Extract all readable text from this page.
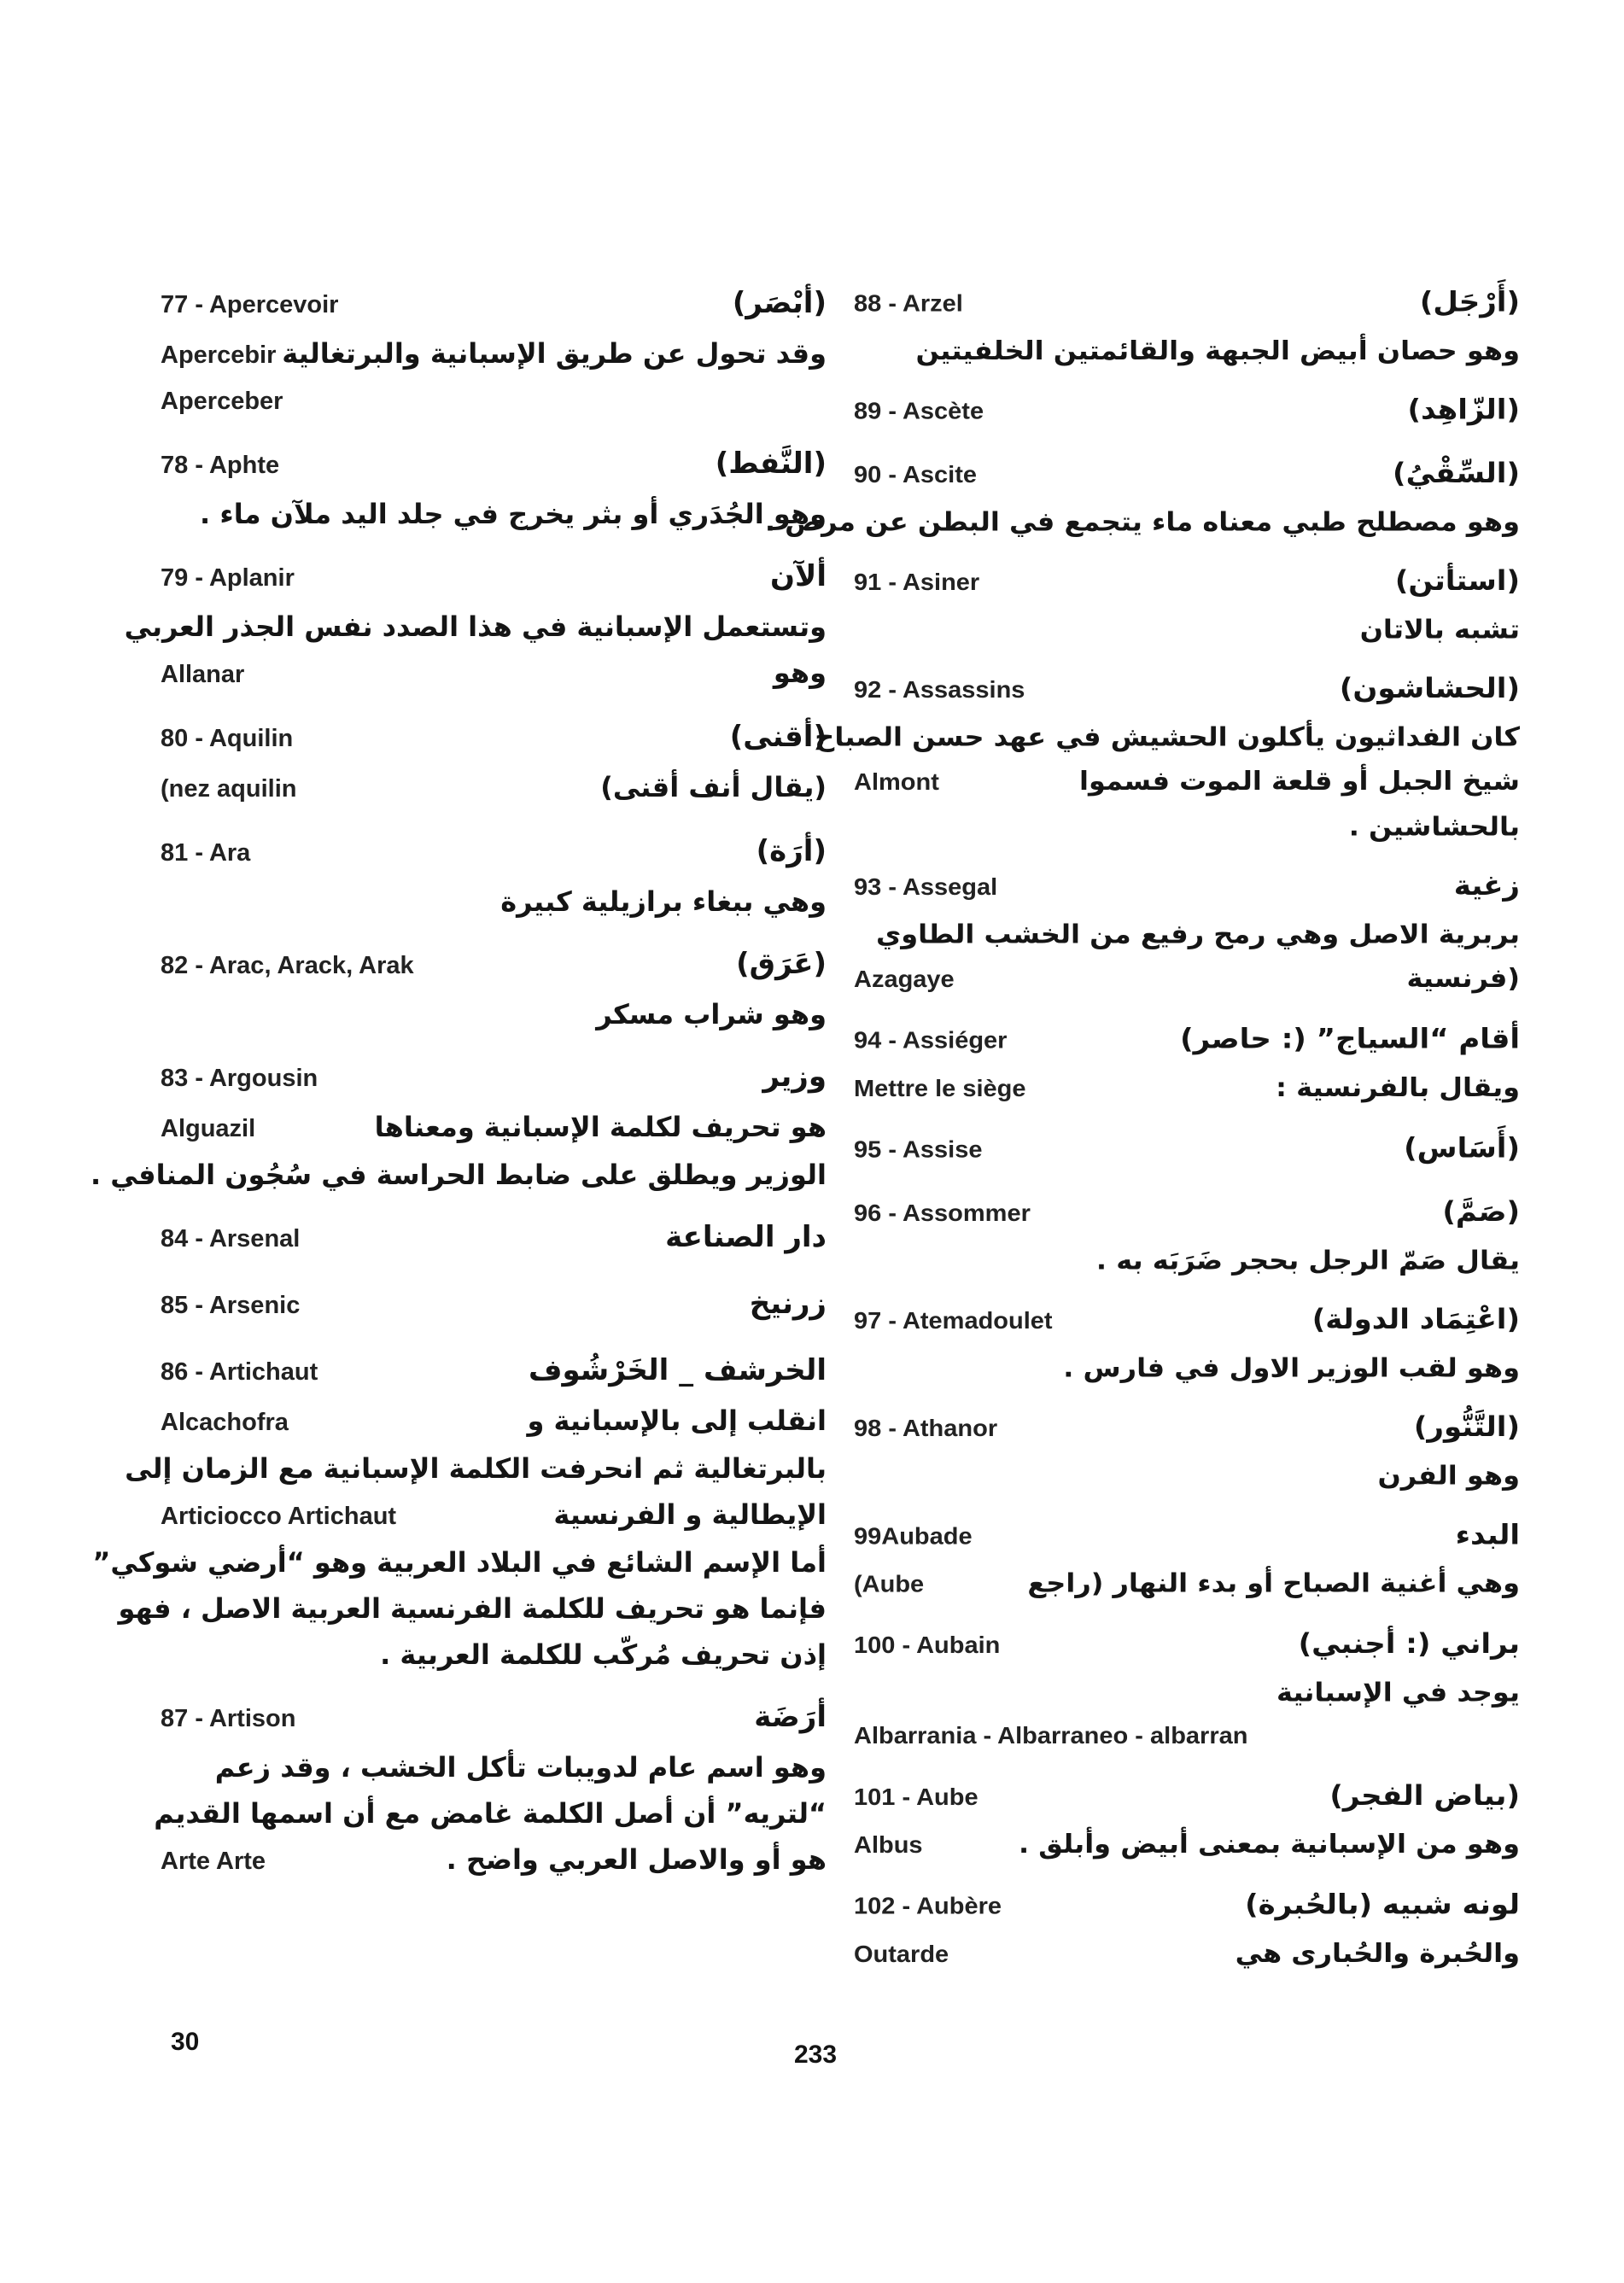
88 - Arzel	(أَرْجَل)
وهو حصان أبيض الجبهة والقائمتين الخلفيتين
89 - Ascète	(الزّاهِد)
90 - Ascite	(السِّقْيُ)
وهو مصطلح طبي معناه ماء يتجمع في البطن عن مرض .
91 - Asiner	(استأتن)
تشبه بالاتان
92 - Assassins	(الحشاشون)
كان الفداثيون يأكلون الحشيش في عهد حسن الصباح
شيخ الجبل أو قلعة الموت فسموا
Almont
بالحشاشين .
93 - Assegal	زغية
بربرية الاصل وهي رمح رفيع من الخشب الطاوي
(فرنسية
Azagaye
94 - Assiéger	أقام “السياج” (: حاصر)
ويقال بالفرنسية :
Mettre le siège
95 - Assise	(أَسَاس)
96 - Assommer	(صَمَّ)
يقال صَمّ الرجل بحجر ضَرَبَه به .
97 - Atemadoulet	(اعْتِمَاد الدولة)
وهو لقب الوزير الاول في فارس .
98 - Athanor	(التَّنُّور)
وهو الفرن
99Aubade	البدء
وهي أغنية الصباح أو بدء النهار (راجع
(Aube
100 - Aubain	براني (: أجنبي)
يوجد في الإسبانية
Albarrania - Albarraneo - albarran
101 - Aube	(بياض الفجر)
وهو من الإسبانية بمعنى أبيض وأبلق .
Albus
102 - Aubère	لونه شبيه (بالحُبرة)
والحُبرة والحُبارى هي
Outarde
77 - Apercevoir	(أبْصَر)
وقد تحول عن طريق الإسبانية والبرتغالية
Apercebir
Aperceber
78 - Aphte	(النَّفط)
وهو الجُدَري أو بثر يخرج في جلد اليد ملآن ماء .
79 - Aplanir	ألآن
وتستعمل الإسبانية في هذا الصدد نفس الجذر العربي
وهو
Allanar
80 - Aquilin	(أقنى)
(يقال أنف أقنى)
(nez aquilin
81 - Ara	(أرَة)
وهي ببغاء برازيلية كبيرة
82 - Arac, Arack, Arak	(عَرَق)
وهو شراب مسكر
83 - Argousin	وزير
هو تحريف لكلمة الإسبانية ومعناها
Alguazil
الوزير ويطلق على ضابط الحراسة في سُجُون المنافي .
84 - Arsenal	دار الصناعة
85 - Arsenic	زرنيخ
86 - Artichaut	الخرشف _ الخَرْشُوف
انقلب إلى بالإسبانية و
Alcachofra
بالبرتغالية ثم انحرفت الكلمة الإسبانية مع الزمان إلى
الإيطالية و الفرنسية
Articiocco Artichaut
أما الإسم الشائع في البلاد العربية وهو “أرضي شوكي”
فإنما هو تحريف للكلمة الفرنسية العربية الاصل ، فهو
إذن تحريف مُركّب للكلمة العربية .
87 - Artison	أرَضَة
وهو اسم عام لدويبات تأكل الخشب ، وقد زعم
“لتريه” أن أصل الكلمة غامض مع أن اسمها القديم
هو أو والاصل العربي واضح .
Arte Arte
30	233
